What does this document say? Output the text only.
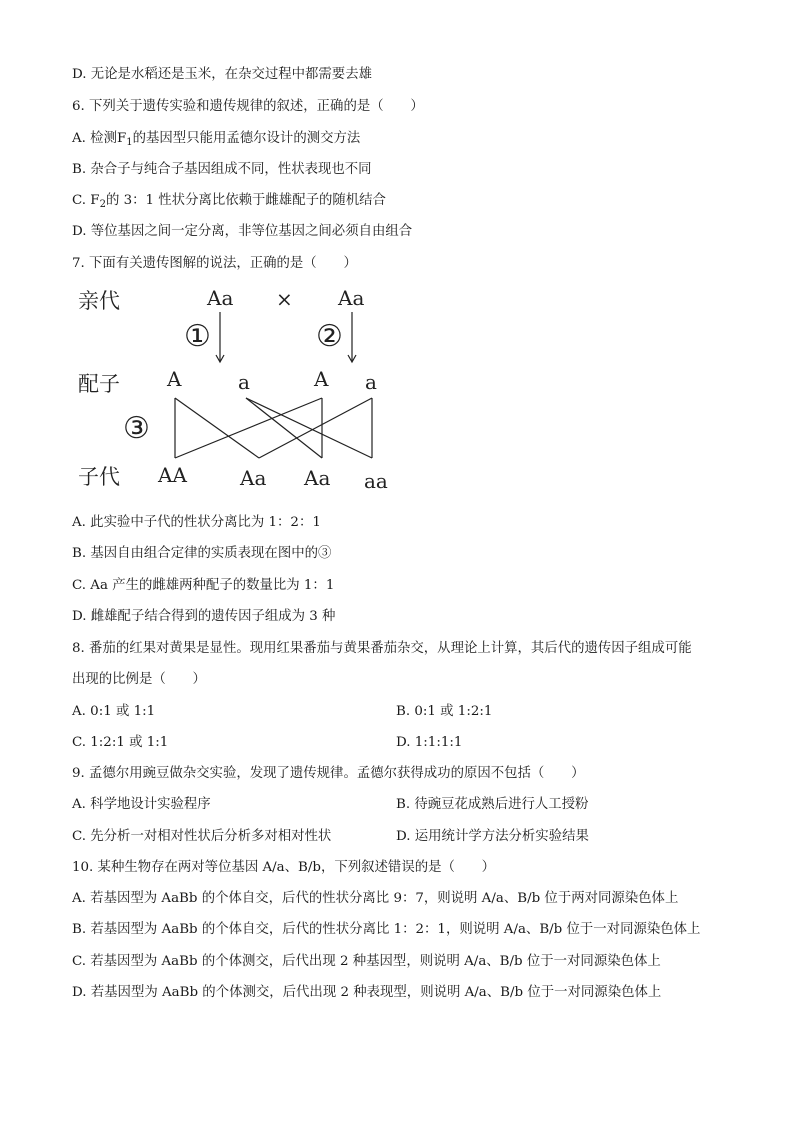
D. 无论是水稻还是玉米，在杂交过程中都需要去雄
6. 下列关于遗传实验和遗传规律的叙述，正确的是（　　）
A. 检测$F_1$的基因型只能用孟德尔设计的测交方法
B. 杂合子与纯合子基因组成不同，性状表现也不同
C. $F_2$的 3：1 性状分离比依赖于雌雄配子的随机结合
D. 等位基因之间一定分离，非等位基因之间必须自由组合
7. 下面有关遗传图解的说法，正确的是（　　）
亲代
配子
子代
Aa × Aa
①	②
③
A	a	A a
AA	Aa Aa aa
A. 此实验中子代的性状分离比为 1：2：1
B. 基因自由组合定律的实质表现在图中的③
C. Aa 产生的雌雄两种配子的数量比为 1：1
D. 雌雄配子结合得到的遗传因子组成为 3 种
8. 番茄的红果对黄果是显性。现用红果番茄与黄果番茄杂交，从理论上计算，其后代的遗传因子组成可能
出现的比例是（　　）
A. 0:1 或 1:1	B. 0:1 或 1:2:1
C. 1:2:1 或 1:1	D. 1:1:1:1
9. 孟德尔用豌豆做杂交实验，发现了遗传规律。孟德尔获得成功的原因不包括（　　）
A. 科学地设计实验程序	B. 待豌豆花成熟后进行人工授粉
C. 先分析一对相对性状后分析多对相对性状	D. 运用统计学方法分析实验结果
10. 某种生物存在两对等位基因 A/a、B/b，下列叙述错误的是（　　）
A. 若基因型为 AaBb 的个体自交，后代的性状分离比 9：7，则说明 A/a、B/b 位于两对同源染色体上
B. 若基因型为 AaBb 的个体自交，后代的性状分离比 1：2：1，则说明 A/a、B/b 位于一对同源染色体上
C. 若基因型为 AaBb 的个体测交，后代出现 2 种基因型，则说明 A/a、B/b 位于一对同源染色体上
D. 若基因型为 AaBb 的个体测交，后代出现 2 种表现型，则说明 A/a、B/b 位于一对同源染色体上
